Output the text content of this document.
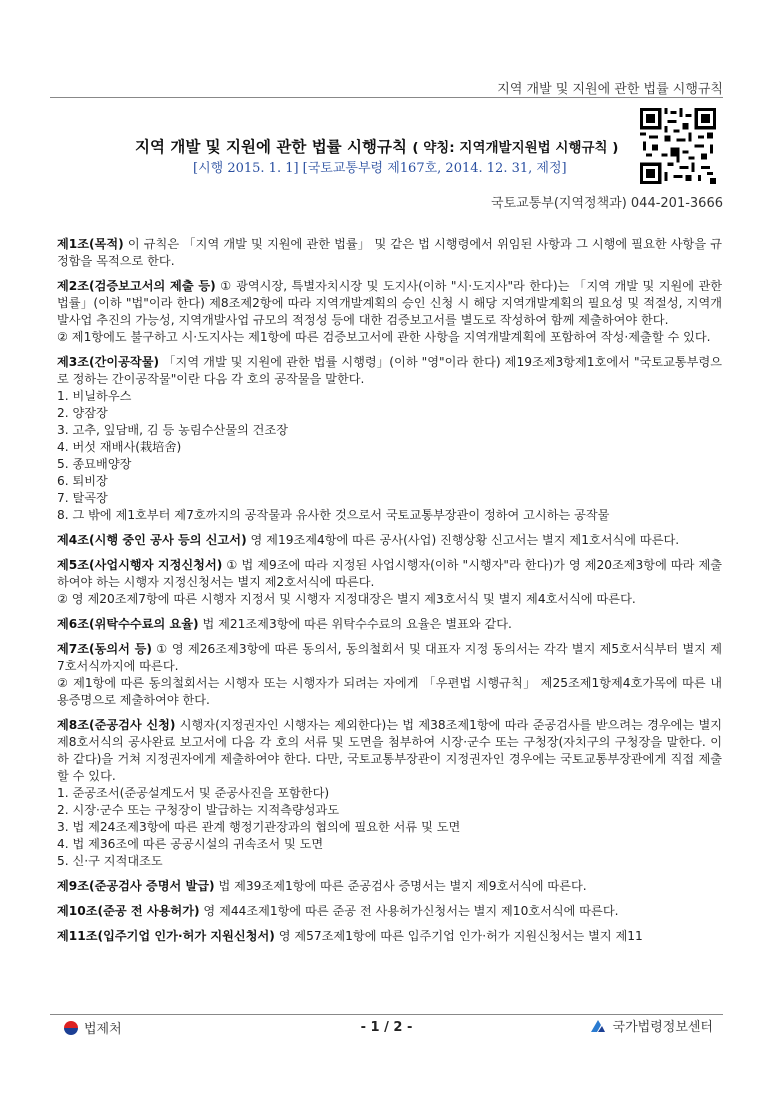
지역 개발 및 지원에 관한 법률 시행규칙
지역 개발 및 지원에 관한 법률 시행규칙 ( 약칭: 지역개발지원법 시행규칙 )
[시행 2015. 1. 1] [국토교통부령 제167호, 2014. 12. 31, 제정]
국토교통부(지역정책과) 044-201-3666
제1조(목적) 이 규칙은 「지역 개발 및 지원에 관한 법률」 및 같은 법 시행령에서 위임된 사항과 그 시행에 필요한 사항을 규정함을 목적으로 한다.
제2조(검증보고서의 제출 등) ① 광역시장, 특별자치시장 및 도지사(이하 "시·도지사"라 한다)는 「지역 개발 및 지원에 관한 법률」(이하 "법"이라 한다) 제8조제2항에 따라 지역개발계획의 승인 신청 시 해당 지역개발계획의 필요성 및 적절성, 지역개발사업 추진의 가능성, 지역개발사업 규모의 적정성 등에 대한 검증보고서를 별도로 작성하여 함께 제출하여야 한다.
② 제1항에도 불구하고 시·도지사는 제1항에 따른 검증보고서에 관한 사항을 지역개발계획에 포함하여 작성·제출할 수 있다.
제3조(간이공작물) 「지역 개발 및 지원에 관한 법률 시행령」(이하 "영"이라 한다) 제19조제3항제1호에서 "국토교통부령으로 정하는 간이공작물"이란 다음 각 호의 공작물을 말한다.
1. 비닐하우스
2. 양잠장
3. 고추, 잎담배, 김 등 농림수산물의 건조장
4. 버섯 재배사(栽培舍)
5. 종묘배양장
6. 퇴비장
7. 탈곡장
8. 그 밖에 제1호부터 제7호까지의 공작물과 유사한 것으로서 국토교통부장관이 정하여 고시하는 공작물
제4조(시행 중인 공사 등의 신고서) 영 제19조제4항에 따른 공사(사업) 진행상황 신고서는 별지 제1호서식에 따른다.
제5조(사업시행자 지정신청서) ① 법 제9조에 따라 지정된 사업시행자(이하 "시행자"라 한다)가 영 제20조제3항에 따라 제출하여야 하는 시행자 지정신청서는 별지 제2호서식에 따른다.
② 영 제20조제7항에 따른 시행자 지정서 및 시행자 지정대장은 별지 제3호서식 및 별지 제4호서식에 따른다.
제6조(위탁수수료의 요율) 법 제21조제3항에 따른 위탁수수료의 요율은 별표와 같다.
제7조(동의서 등) ① 영 제26조제3항에 따른 동의서, 동의철회서 및 대표자 지정 동의서는 각각 별지 제5호서식부터 별지 제7호서식까지에 따른다.
② 제1항에 따른 동의철회서는 시행자 또는 시행자가 되려는 자에게 「우편법 시행규칙」 제25조제1항제4호가목에 따른 내용증명으로 제출하여야 한다.
제8조(준공검사 신청) 시행자(지정권자인 시행자는 제외한다)는 법 제38조제1항에 따라 준공검사를 받으려는 경우에는 별지 제8호서식의 공사완료 보고서에 다음 각 호의 서류 및 도면을 첨부하여 시장·군수 또는 구청장(자치구의 구청장을 말한다. 이하 같다)을 거쳐 지정권자에게 제출하여야 한다. 다만, 국토교통부장관이 지정권자인 경우에는 국토교통부장관에게 직접 제출할 수 있다.
1. 준공조서(준공설계도서 및 준공사진을 포함한다)
2. 시장·군수 또는 구청장이 발급하는 지적측량성과도
3. 법 제24조제3항에 따른 관계 행정기관장과의 협의에 필요한 서류 및 도면
4. 법 제36조에 따른 공공시설의 귀속조서 및 도면
5. 신·구 지적대조도
제9조(준공검사 증명서 발급) 법 제39조제1항에 따른 준공검사 증명서는 별지 제9호서식에 따른다.
제10조(준공 전 사용허가) 영 제44조제1항에 따른 준공 전 사용허가신청서는 별지 제10호서식에 따른다.
제11조(입주기업 인가·허가 지원신청서) 영 제57조제1항에 따른 입주기업 인가·허가 지원신청서는 별지 제11
법제처	- 1 / 2 -	국가법령정보센터
